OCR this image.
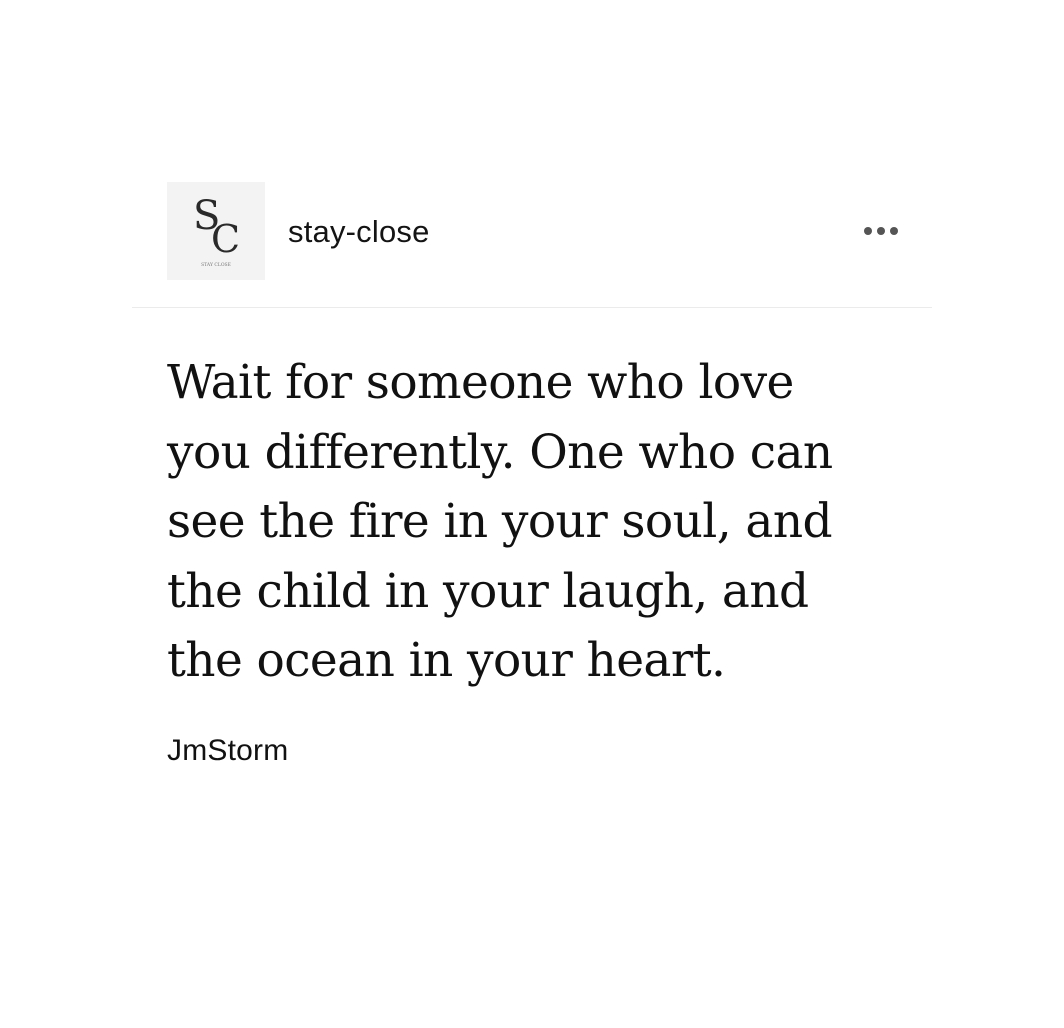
S
C
STAY CLOSE
stay-close

Wait for someone who love
you differently. One who can
see the fire in your soul, and
the child in your laugh, and
the ocean in your heart.

JmStorm
